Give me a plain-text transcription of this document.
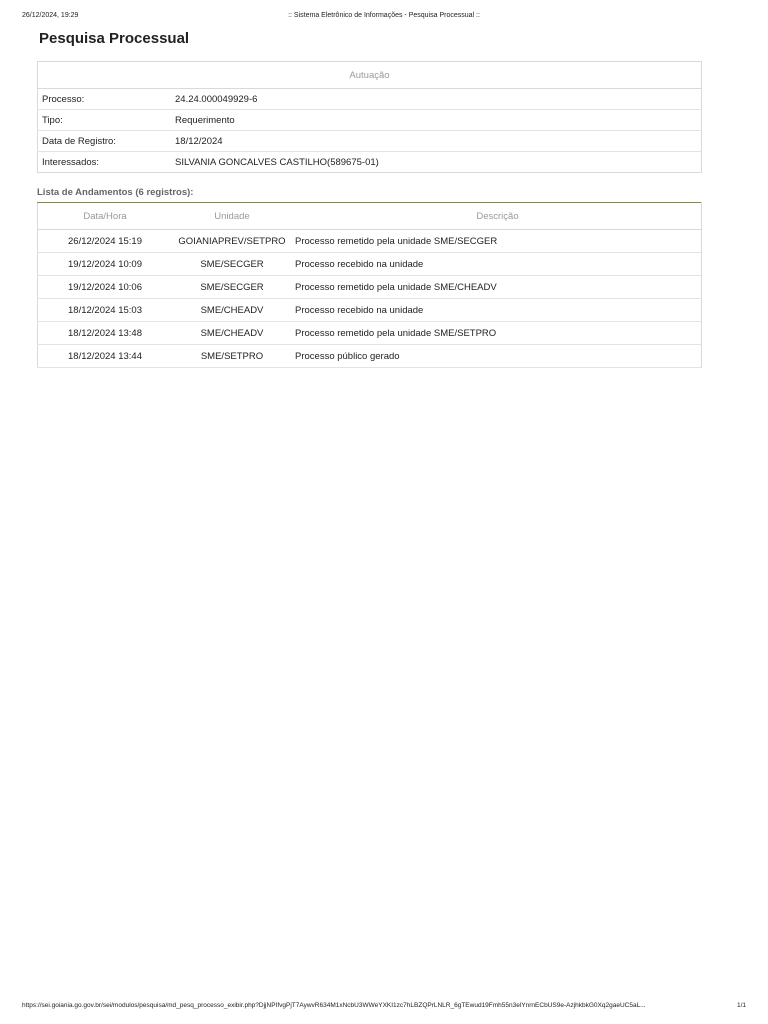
26/12/2024, 19:29	:: Sistema Eletrônico de Informações - Pesquisa Processual ::
Pesquisa Processual
Autuação	
Processo:	24.24.000049929-6
Tipo:	Requerimento
Data de Registro:	18/12/2024
Interessados:	SILVANIA GONCALVES CASTILHO(589675-01)
Lista de Andamentos (6 registros):
Data/Hora	Unidade	Descrição
26/12/2024 15:19	GOIANIAPREV/SETPRO	Processo remetido pela unidade SME/SECGER
19/12/2024 10:09	SME/SECGER	Processo recebido na unidade
19/12/2024 10:06	SME/SECGER	Processo remetido pela unidade SME/CHEADV
18/12/2024 15:03	SME/CHEADV	Processo recebido na unidade
18/12/2024 13:48	SME/CHEADV	Processo remetido pela unidade SME/SETPRO
18/12/2024 13:44	SME/SETPRO	Processo público gerado
https://sei.goiania.go.gov.br/sei/modulos/pesquisa/md_pesq_processo_exibir.php?DjjNPIfvgPjT7AywvR634M1xNcbU3WWeYXKI1zc7hLBZQPrLNLR_6gTEwud19Fmh55n3elYnrnECbUS9e-AzjhkbkG0Xq2gaeUC5aL...	1/1
